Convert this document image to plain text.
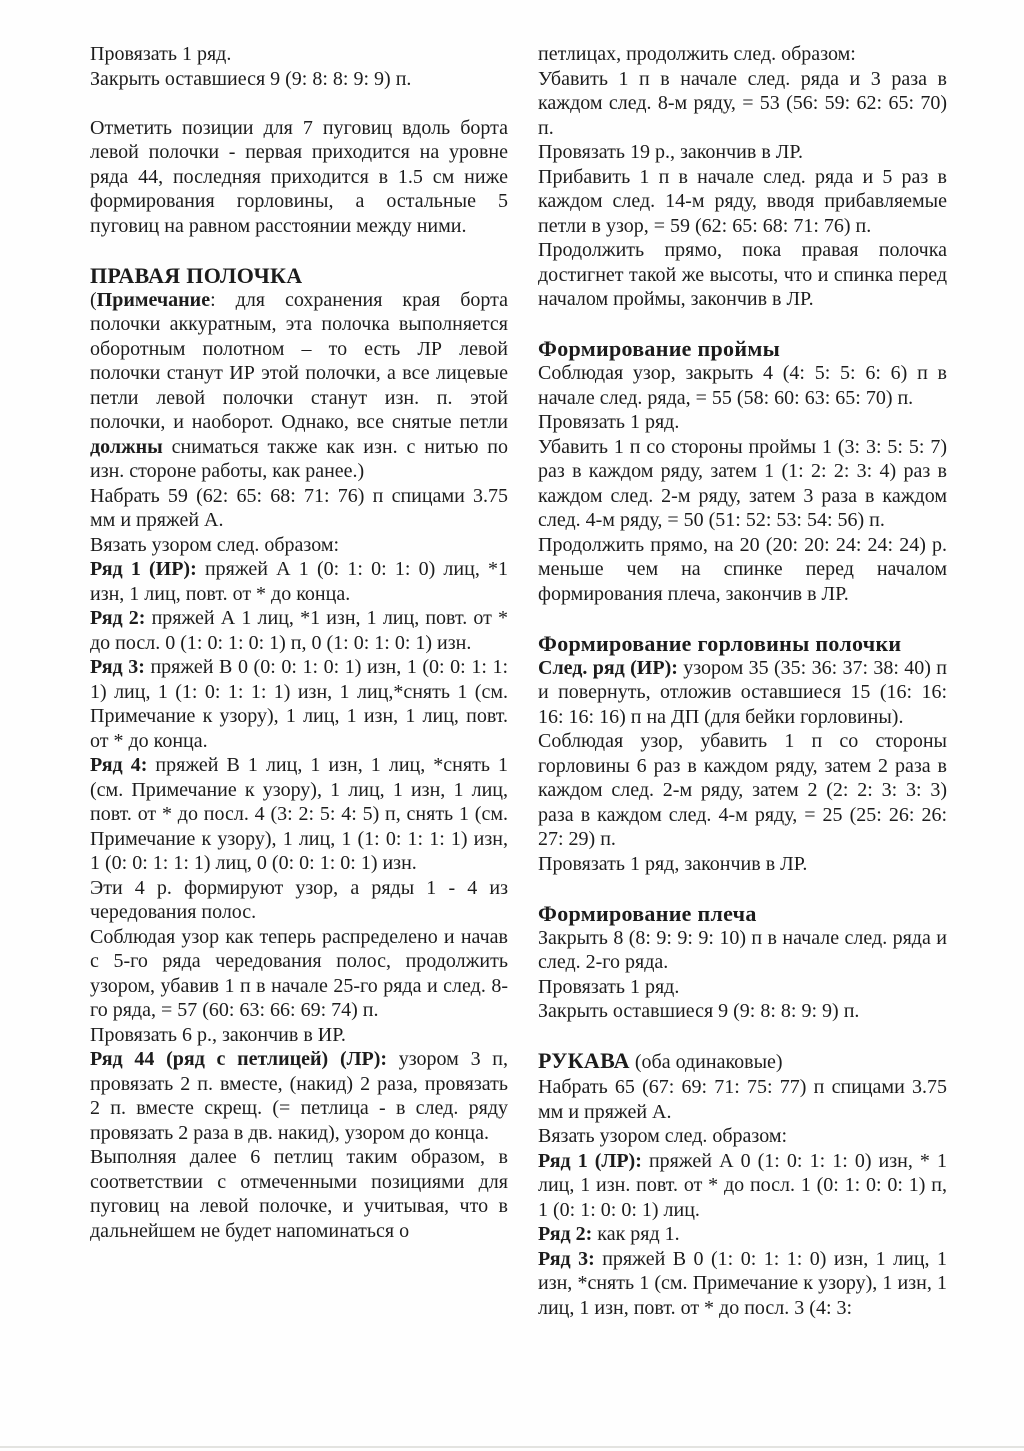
Провязать 1 ряд.

Закрыть оставшиеся 9 (9: 8: 8: 9: 9) п.

Отметить позиции для 7 пуговиц вдоль борта левой полочки - первая приходится на уровне ряда 44, последняя приходится в 1.5 см ниже формирования горловины, а остальные 5 пуговиц на равном расстоянии между ними.

ПРАВАЯ ПОЛОЧКА

(Примечание: для сохранения края борта полочки аккуратным, эта полочка выполняется оборотным полотном – то есть ЛР левой полочки станут ИР этой полочки, а все лицевые петли левой полочки станут изн. п. этой полочки, и наоборот. Однако, все снятые петли должны сниматься также как изн. с нитью по изн. стороне работы, как ранее.)

Набрать 59 (62: 65: 68: 71: 76) п спицами 3.75 мм и пряжей А.

Вязать узором след. образом:

Ряд 1 (ИР): пряжей А 1 (0: 1: 0: 1: 0) лиц, *1 изн, 1 лиц, повт. от * до конца.

Ряд 2: пряжей А 1 лиц, *1 изн, 1 лиц, повт. от * до посл. 0 (1: 0: 1: 0: 1) п, 0 (1: 0: 1: 0: 1) изн.

Ряд 3: пряжей В 0 (0: 0: 1: 0: 1) изн, 1 (0: 0: 1: 1: 1) лиц, 1 (1: 0: 1: 1: 1) изн, 1 лиц,*снять 1 (см. Примечание к узору), 1 лиц, 1 изн, 1 лиц, повт. от * до конца.

Ряд 4: пряжей В 1 лиц, 1 изн, 1 лиц, *снять 1 (см. Примечание к узору), 1 лиц, 1 изн, 1 лиц, повт. от * до посл. 4 (3: 2: 5: 4: 5) п, снять 1 (см. Примечание к узору), 1 лиц, 1 (1: 0: 1: 1: 1) изн, 1 (0: 0: 1: 1: 1) лиц, 0 (0: 0: 1: 0: 1) изн.

Эти 4 р. формируют узор, а ряды 1 - 4 из чередования полос.

Соблюдая узор как теперь распределено и начав с 5-го ряда чередования полос, продолжить узором, убавив 1 п в начале 25-го ряда и след. 8-го ряда, = 57 (60: 63: 66: 69: 74) п.

Провязать 6 р., закончив в ИР.

Ряд 44 (ряд с петлицей) (ЛР): узором 3 п, провязать 2 п. вместе, (накид) 2 раза, провязать 2 п. вместе скрещ. (= петлица - в след. ряду провязать 2 раза в дв. накид), узором до конца.

Выполняя далее 6 петлиц таким образом, в соответствии с отмеченными позициями для пуговиц на левой полочке, и учитывая, что в дальнейшем не будет напоминаться о

петлицах, продолжить след. образом:

Убавить 1 п в начале след. ряда и 3 раза в каждом след. 8-м ряду, = 53 (56: 59: 62: 65: 70) п.

Провязать 19 р., закончив в ЛР.

Прибавить 1 п в начале след. ряда и 5 раз в каждом след. 14-м ряду, вводя прибавляемые петли в узор, = 59 (62: 65: 68: 71: 76) п.

Продолжить прямо, пока правая полочка достигнет такой же высоты, что и спинка перед началом проймы, закончив в ЛР.

Формирование проймы

Соблюдая узор, закрыть 4 (4: 5: 5: 6: 6) п в начале след. ряда, = 55 (58: 60: 63: 65: 70) п.

Провязать 1 ряд.

Убавить 1 п со стороны проймы 1 (3: 3: 5: 5: 7) раз в каждом ряду, затем 1 (1: 2: 2: 3: 4) раз в каждом след. 2-м ряду, затем 3 раза в каждом след. 4-м ряду, = 50 (51: 52: 53: 54: 56) п.

Продолжить прямо, на 20 (20: 20: 24: 24: 24) р. меньше чем на спинке перед началом формирования плеча, закончив в ЛР.

Формирование горловины полочки

След. ряд (ИР): узором 35 (35: 36: 37: 38: 40) п и повернуть, отложив оставшиеся 15 (16: 16: 16: 16: 16) п на ДП (для бейки горловины).

Соблюдая узор, убавить 1 п со стороны горловины 6 раз в каждом ряду, затем 2 раза в каждом след. 2-м ряду, затем 2 (2: 2: 3: 3: 3) раза в каждом след. 4-м ряду, = 25 (25: 26: 26: 27: 29) п.

Провязать 1 ряд, закончив в ЛР.

Формирование плеча

Закрыть 8 (8: 9: 9: 9: 10) п в начале след. ряда и след. 2-го ряда.

Провязать 1 ряд.

Закрыть оставшиеся 9 (9: 8: 8: 9: 9) п.

РУКАВА (оба одинаковые)

Набрать 65 (67: 69: 71: 75: 77) п спицами 3.75 мм и пряжей А.

Вязать узором след. образом:

Ряд 1 (ЛР): пряжей А 0 (1: 0: 1: 1: 0) изн, * 1 лиц, 1 изн. повт. от * до посл. 1 (0: 1: 0: 0: 1) п, 1 (0: 1: 0: 0: 1) лиц.

Ряд 2: как ряд 1.

Ряд 3: пряжей В 0 (1: 0: 1: 1: 0) изн, 1 лиц, 1 изн, *снять 1 (см. Примечание к узору), 1 изн, 1 лиц, 1 изн, повт. от * до посл. 3 (4: 3:
